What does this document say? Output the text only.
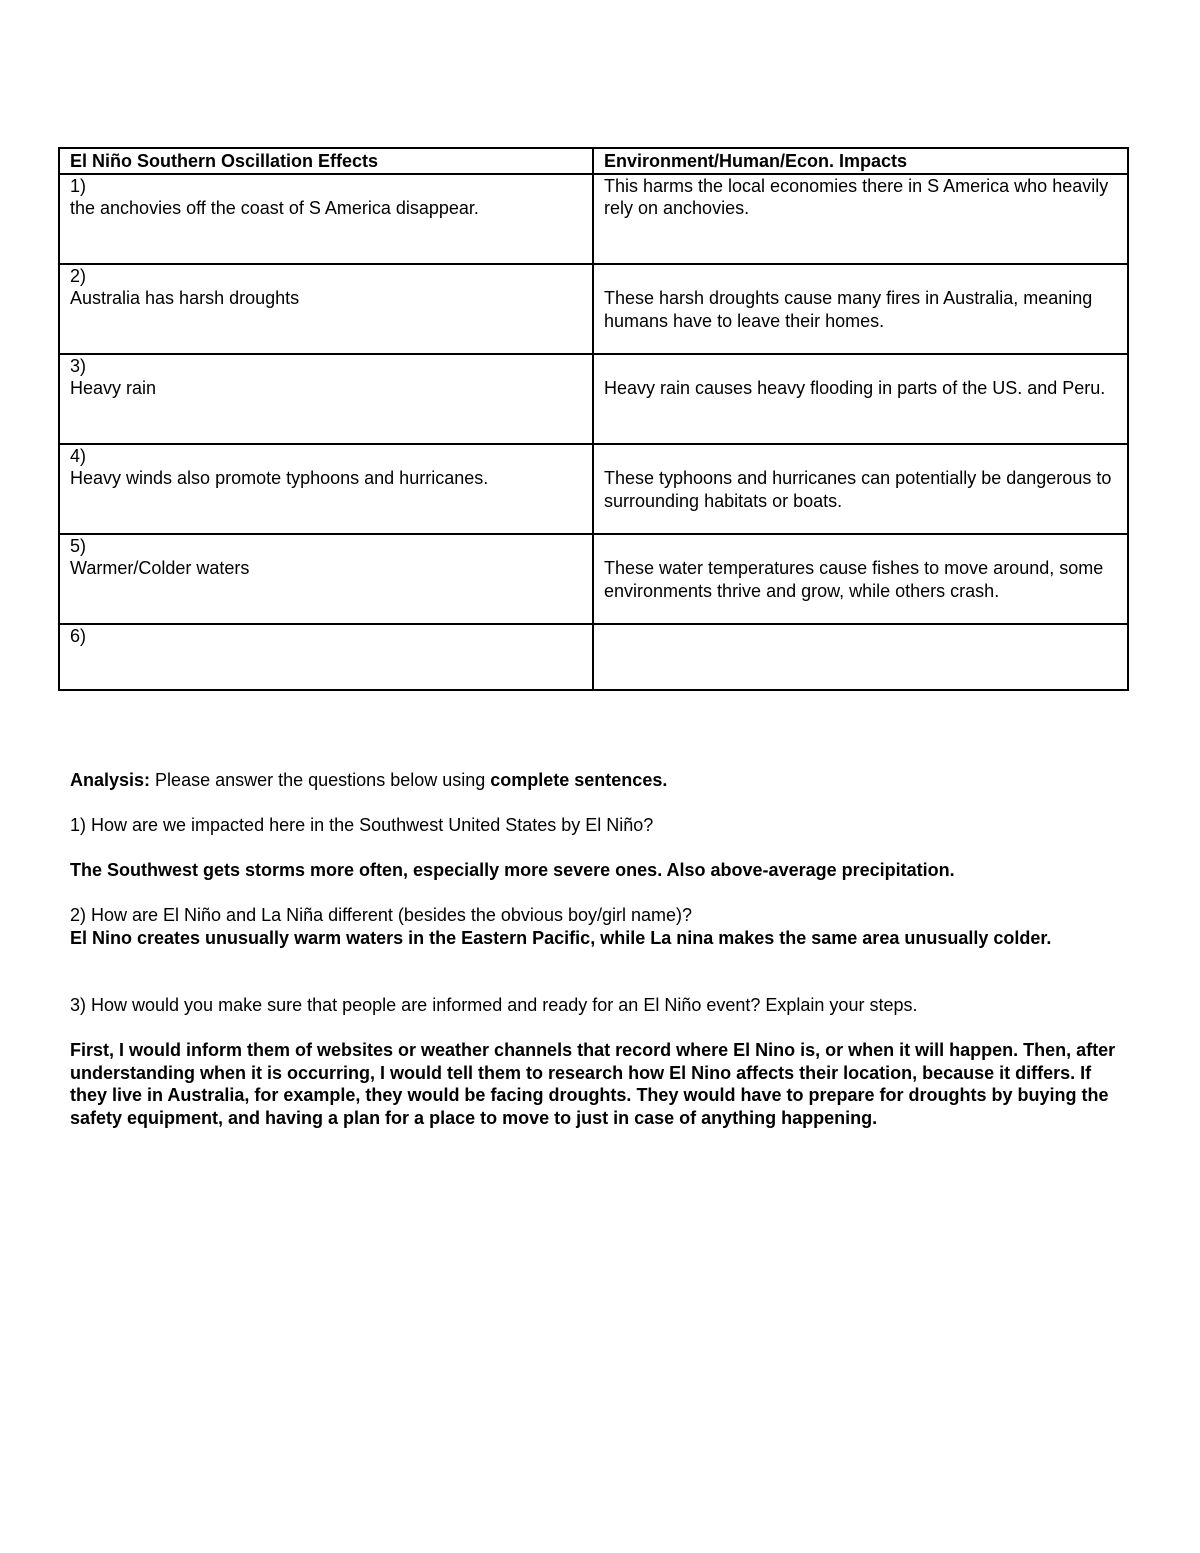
El Niño Southern Oscillation Effects	Environment/Human/Econ. Impacts

1)
the anchovies off the coast of S America disappear.	This harms the local economies there in S America who heavily rely on anchovies.

2)
Australia has harsh droughts	These harsh droughts cause many fires in Australia, meaning humans have to leave their homes.

3)
Heavy rain	Heavy rain causes heavy flooding in parts of the US. and Peru.

4)
Heavy winds also promote typhoons and hurricanes.	These typhoons and hurricanes can potentially be dangerous to surrounding habitats or boats.

5)
Warmer/Colder waters	These water temperatures cause fishes to move around, some environments thrive and grow, while others crash.

6)	

Analysis: Please answer the questions below using complete sentences.

1) How are we impacted here in the Southwest United States by El Niño?

The Southwest gets storms more often, especially more severe ones. Also above-average precipitation.

2) How are El Niño and La Niña different (besides the obvious boy/girl name)?

El Nino creates unusually warm waters in the Eastern Pacific, while La nina makes the same area unusually colder.

3) How would you make sure that people are informed and ready for an El Niño event? Explain your steps.

First, I would inform them of websites or weather channels that record where El Nino is, or when it will happen. Then, after understanding when it is occurring, I would tell them to research how El Nino affects their location, because it differs. If they live in Australia, for example, they would be facing droughts. They would have to prepare for droughts by buying the safety equipment, and having a plan for a place to move to just in case of anything happening.
